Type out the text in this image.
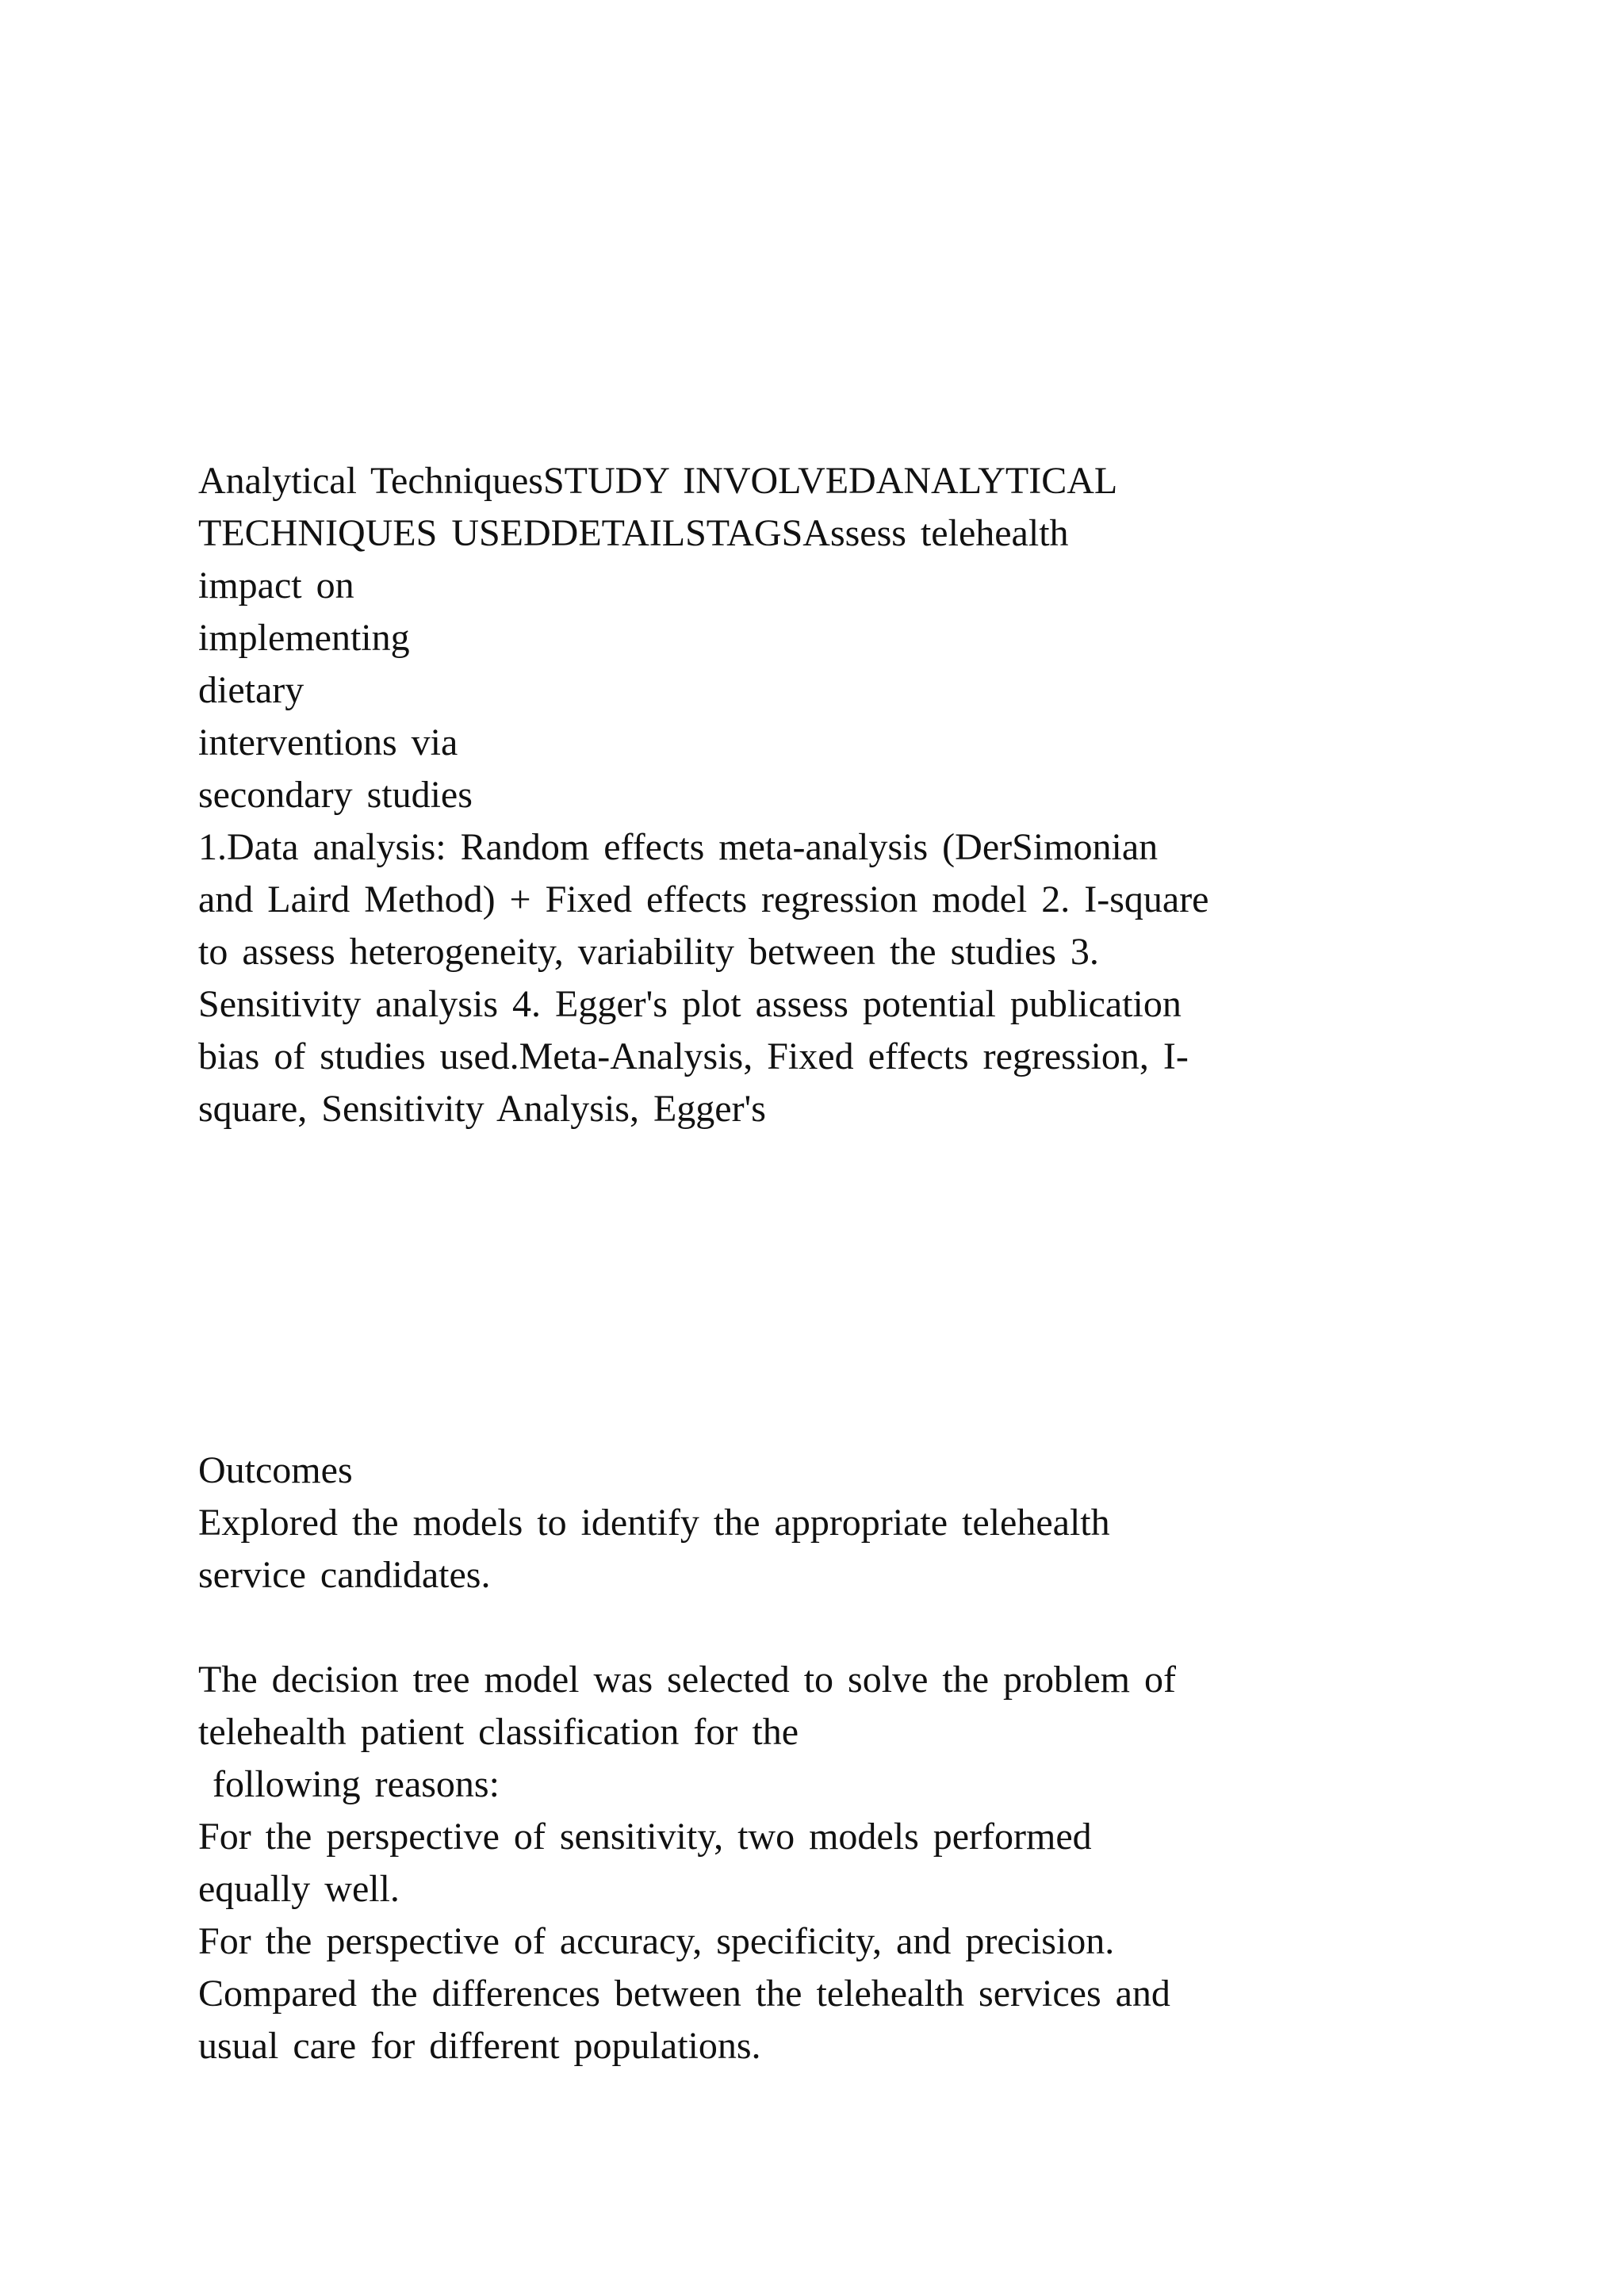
Analytical TechniquesSTUDY INVOLVEDANALYTICAL
TECHNIQUES USEDDETAILSTAGSAssess telehealth
impact on
implementing
dietary
interventions via
secondary studies
1.Data analysis: Random effects meta-analysis (DerSimonian
and Laird Method) + Fixed effects regression model 2. I-square
to assess heterogeneity, variability between the studies 3.
Sensitivity analysis 4. Egger's plot assess potential publication
bias of studies used.Meta-Analysis, Fixed effects regression, I-
square, Sensitivity Analysis, Egger's
Outcomes
Explored the models to identify the appropriate telehealth
service candidates.

The decision tree model was selected to solve the problem of
telehealth patient classification for the
following reasons:
For the perspective of sensitivity, two models performed
equally well.
For the perspective of accuracy, specificity, and precision.
Compared the differences between the telehealth services and
usual care for different populations.
